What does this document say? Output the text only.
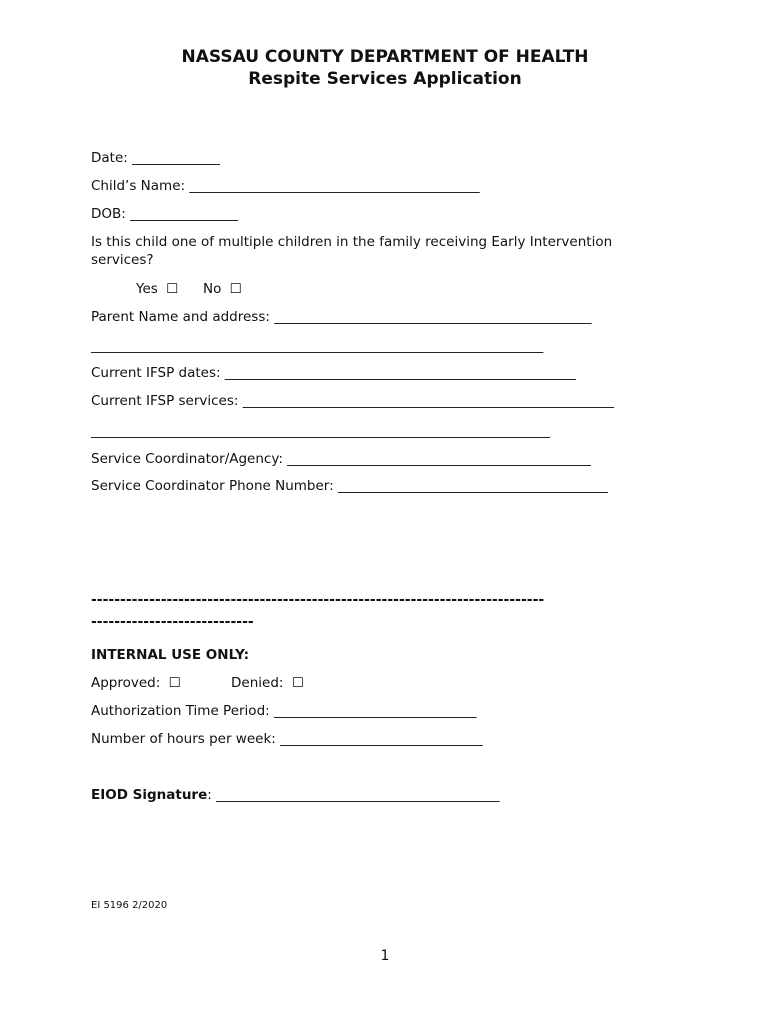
NASSAU COUNTY DEPARTMENT OF HEALTH

Respite Services Application

Date: _____________
Child’s Name: ___________________________________________
DOB: ________________
Is this child one of multiple children in the family receiving Early Intervention services?
Yes ☐ No ☐
Parent Name and address: _______________________________________________
___________________________________________________________________
Current IFSP dates: ____________________________________________________
Current IFSP services: _______________________________________________________
____________________________________________________________________
Service Coordinator/Agency: _____________________________________________
Service Coordinator Phone Number: ________________________________________
------------------------------------------------------------------------------
----------------------------
INTERNAL USE ONLY:
Approved: ☐	Denied: ☐
Authorization Time Period: ______________________________
Number of hours per week: ______________________________
EIOD Signature: __________________________________________
EI 5196 2/2020
1
